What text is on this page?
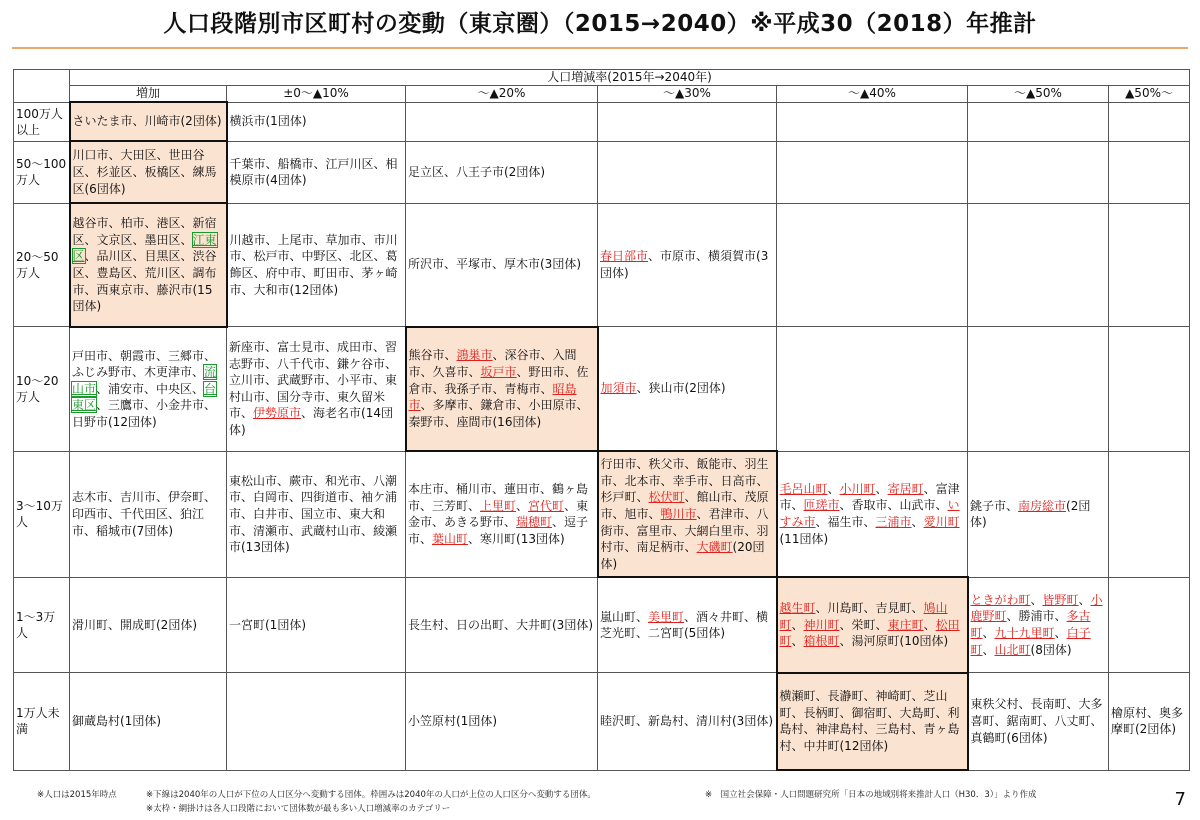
人口段階別市区町村の変動（東京圏）（2015→2040）※平成30（2018）年推計
	人口増減率(2015年→2040年)						
	増加	±0～▲10%	～▲20%	～▲30%	～▲40%	～▲50%	▲50%～
100万人以上	さいたま市、川崎市(2団体)	横浜市(1団体)					
50～100万人	川口市、大田区、世田谷区、杉並区、板橋区、練馬区(6団体)	千葉市、船橋市、江戸川区、相模原市(4団体)	足立区、八王子市(2団体)				
20～50万人	越谷市、柏市、港区、新宿区、文京区、墨田区、江東区、品川区、目黒区、渋谷区、豊島区、荒川区、調布市、西東京市、藤沢市(15団体)	川越市、上尾市、草加市、市川市、松戸市、中野区、北区、葛飾区、府中市、町田市、茅ヶ崎市、大和市(12団体)	所沢市、平塚市、厚木市(3団体)	春日部市、市原市、横須賀市(3団体)			
10～20万人	戸田市、朝霞市、三郷市、ふじみ野市、木更津市、流山市、浦安市、中央区、台東区、三鷹市、小金井市、日野市(12団体)	新座市、富士見市、成田市、習志野市、八千代市、鎌ケ谷市、立川市、武蔵野市、小平市、東村山市、国分寺市、東久留米市、伊勢原市、海老名市(14団体)	熊谷市、鴻巣市、深谷市、入間市、久喜市、坂戸市、野田市、佐倉市、我孫子市、青梅市、昭島市、多摩市、鎌倉市、小田原市、秦野市、座間市(16団体)	加須市、狭山市(2団体)			
3～10万人	志木市、吉川市、伊奈町、印西市、千代田区、狛江市、稲城市(7団体)	東松山市、蕨市、和光市、八潮市、白岡市、四街道市、袖ケ浦市、白井市、国立市、東大和市、清瀬市、武蔵村山市、綾瀬市(13団体)	本庄市、桶川市、蓮田市、鶴ヶ島市、三芳町、上里町、宮代町、東金市、あきる野市、瑞穂町、逗子市、葉山町、寒川町(13団体)	行田市、秩父市、飯能市、羽生市、北本市、幸手市、日高市、杉戸町、松伏町、館山市、茂原市、旭市、鴨川市、君津市、八街市、富里市、大網白里市、羽村市、南足柄市、大磯町(20団体)	毛呂山町、小川町、寄居町、富津市、匝瑳市、香取市、山武市、いすみ市、福生市、三浦市、愛川町(11団体)	銚子市、南房総市(2団体)	
1～3万人	滑川町、開成町(2団体)	一宮町(1団体)	長生村、日の出町、大井町(3団体)	嵐山町、美里町、酒々井町、横芝光町、二宮町(5団体)	越生町、川島町、吉見町、鳩山町、神川町、栄町、東庄町、松田町、箱根町、湯河原町(10団体)	ときがわ町、皆野町、小鹿野町、勝浦市、多古町、九十九里町、白子町、山北町(8団体)	
1万人未満	御蔵島村(1団体)		小笠原村(1団体)	睦沢町、新島村、清川村(3団体)	横瀬町、長瀞町、神崎町、芝山町、長柄町、御宿町、大島町、利島村、神津島村、三島村、青ヶ島村、中井町(12団体)	東秩父村、長南町、大多喜町、鋸南町、八丈町、真鶴町(6団体)	檜原村、奥多摩町(2団体)
※人口は2015年時点	※下線は2040年の人口が下位の人口区分へ変動する団体。枠囲みは2040年の人口が上位の人口区分へ変動する団体。	※　国立社会保障・人口問題研究所「日本の地域別将来推計人口（H30．3）」より作成
※太枠・網掛けは各人口段階において団体数が最も多い人口増減率のカテゴリー	7
